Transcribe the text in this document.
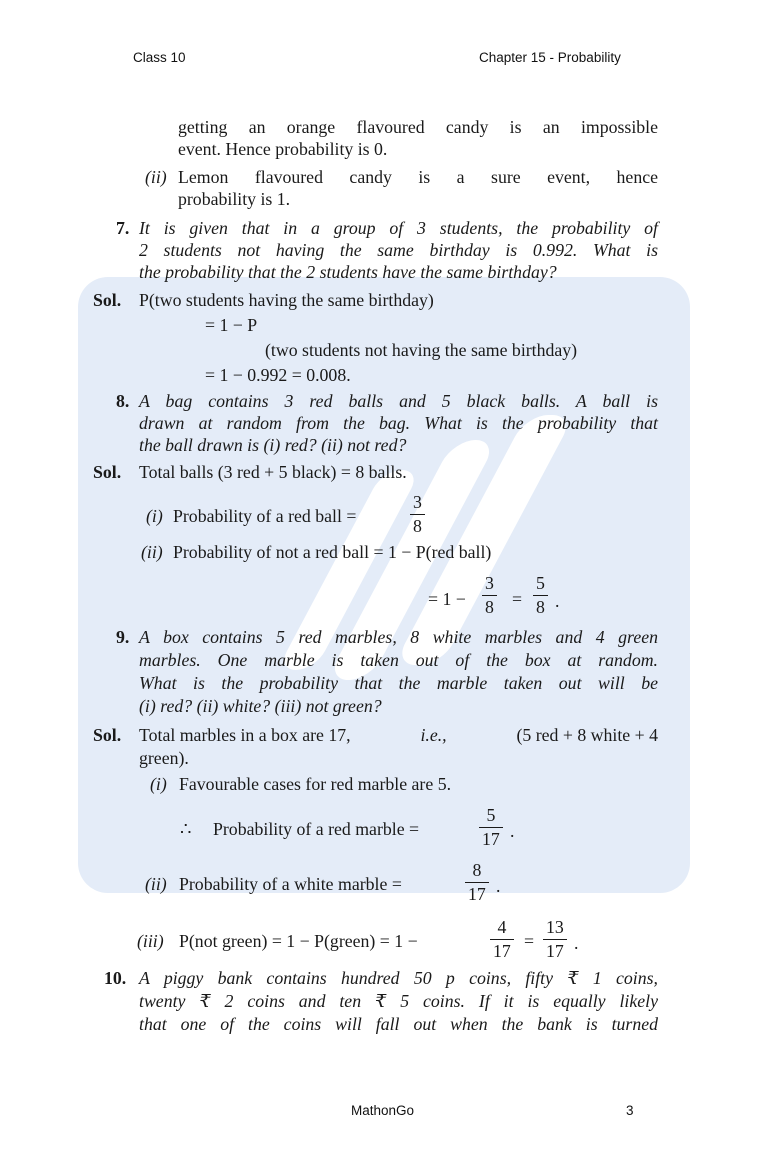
Class 10	Chapter 15 - Probability
getting an orange flavoured candy is an impossible
event. Hence probability is 0.
(ii) Lemon flavoured candy is a sure event, hence
probability is 1.
7. It is given that in a group of 3 students, the probability of
2 students not having the same birthday is 0.992. What is
the probability that the 2 students have the same birthday?
Sol. P(two students having the same birthday)
= 1 − P
(two students not having the same birthday)
= 1 − 0.992 = 0.008.
8. A bag contains 3 red balls and 5 black balls. A ball is
drawn at random from the bag. What is the probability that
the ball drawn is (i) red? (ii) not red?
Sol. Total balls (3 red + 5 black) = 8 balls.
(i) Probability of a red ball =
3
8
(ii) Probability of not a red ball = 1 − P(red ball)
= 1 −
3
8 =
5
8 .
9. A box contains 5 red marbles, 8 white marbles and 4 green
marbles. One marble is taken out of the box at random.
What is the probability that the marble taken out will be
(i) red? (ii) white? (iii) not green?
Sol. Total marbles in a box are 17,	i.e.,	(5 red + 8 white + 4
green).
(i) Favourable cases for red marble are 5.
∴ Probability of a red marble =
5
17 .
(ii) Probability of a white marble =
8
17 .
(iii) P(not green) = 1 − P(green) = 1 −
4
17 =
13
17 .
10. A piggy bank contains hundred 50 p coins, fifty ₹ 1 coins,
twenty ₹ 2 coins and ten ₹ 5 coins. If it is equally likely
that one of the coins will fall out when the bank is turned
MathonGo	3
